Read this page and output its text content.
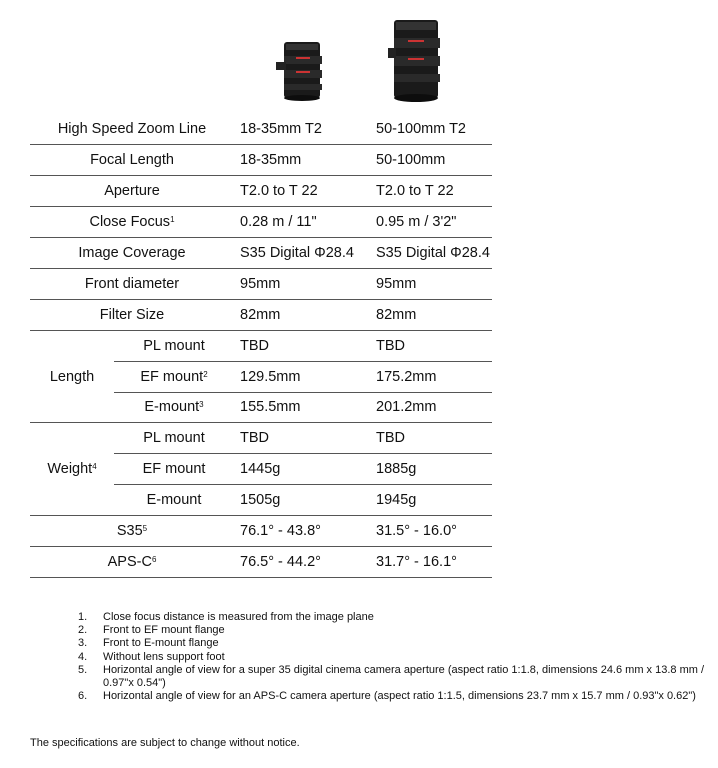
High Speed Zoom Line		18-35mm T2	50-100mm T2
Focal Length		18-35mm	50-100mm
Aperture		T2.0 to T 22	T2.0 to T 22
Close Focus$^1$		0.28 m / 11"	0.95 m / 3'2"
Image Coverage		S35 Digital Φ28.4	S35 Digital Φ28.4
Front diameter		95mm	95mm
Filter Size		82mm	82mm
Length	PL mount	TBD	TBD
	EF mount$^2$	129.5mm	175.2mm
	E-mount$^3$	155.5mm	201.2mm
Weight$^4$	PL mount	TBD	TBD
	EF mount	1445g	1885g
	E-mount	1505g	1945g
$S35^5$		76.1° - 43.8°	31.5° - 16.0°
APS-$C^6$		76.5° - 44.2°	31.7° - 16.1°
1.	Close focus distance is measured from the image plane
2.	Front to EF mount flange
3.	Front to E-mount flange
4.	Without lens support foot
5.	Horizontal angle of view for a super 35 digital cinema camera aperture (aspect ratio 1:1.8, dimensions 24.6 mm x 13.8 mm / 0.97"x 0.54")
6.	Horizontal angle of view for an APS-C camera aperture (aspect ratio 1:1.5, dimensions 23.7 mm x 15.7 mm / 0.93"x 0.62")
The specifications are subject to change without notice.
